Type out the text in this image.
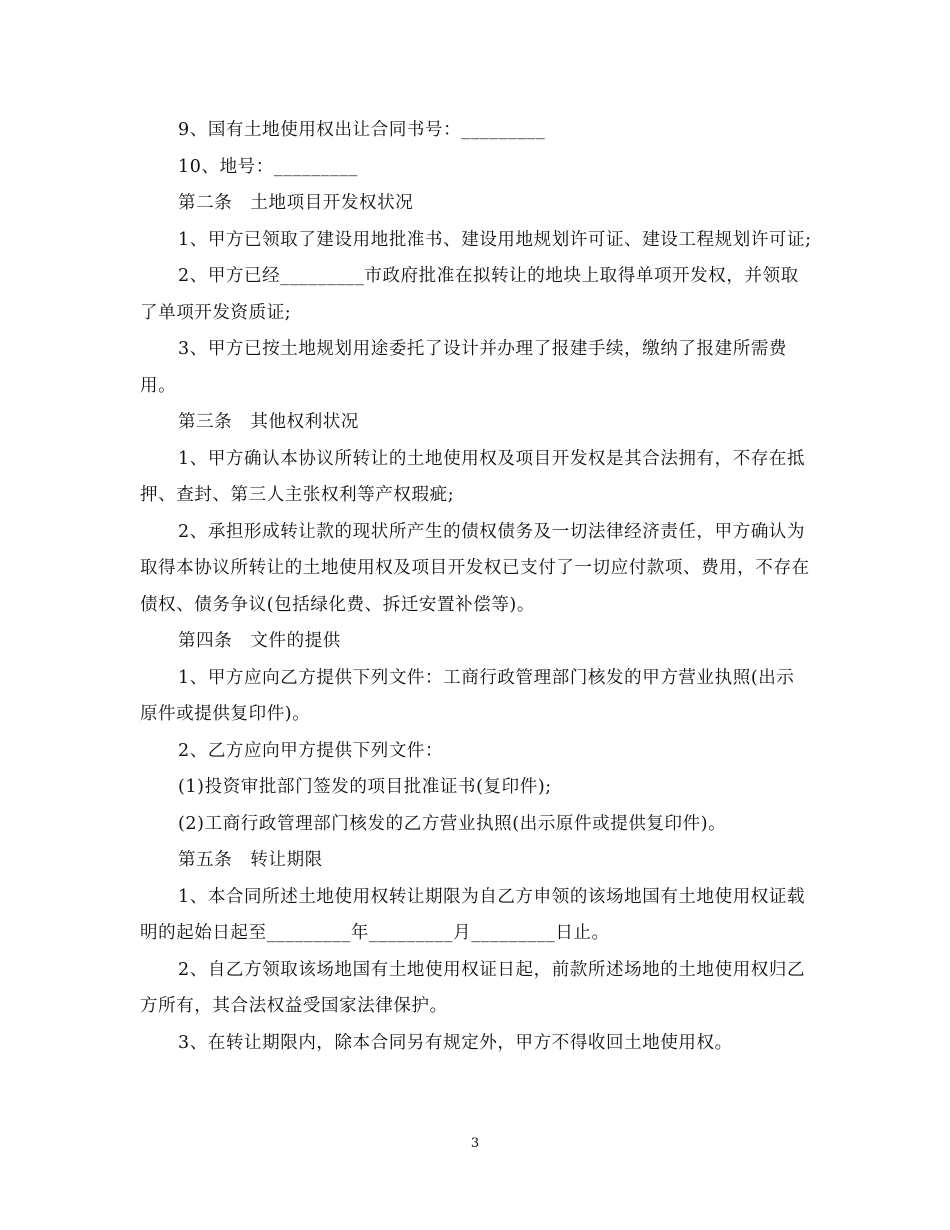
9、国有土地使用权出让合同书号：_________

10、地号：_________

第二条　土地项目开发权状况

1、甲方已领取了建设用地批准书、建设用地规划许可证、建设工程规划许可证;

2、甲方已经_________市政府批准在拟转让的地块上取得单项开发权，并领取了单项开发资质证;

3、甲方已按土地规划用途委托了设计并办理了报建手续，缴纳了报建所需费用。

第三条　其他权利状况

1、甲方确认本协议所转让的土地使用权及项目开发权是其合法拥有，不存在抵押、查封、第三人主张权利等产权瑕疵;

2、承担形成转让款的现状所产生的债权债务及一切法律经济责任，甲方确认为取得本协议所转让的土地使用权及项目开发权已支付了一切应付款项、费用，不存在债权、债务争议(包括绿化费、拆迁安置补偿等)。

第四条　文件的提供

1、甲方应向乙方提供下列文件：工商行政管理部门核发的甲方营业执照(出示原件或提供复印件)。

2、乙方应向甲方提供下列文件：

(1)投资审批部门签发的项目批准证书(复印件);

(2)工商行政管理部门核发的乙方营业执照(出示原件或提供复印件)。

第五条　转让期限

1、本合同所述土地使用权转让期限为自乙方申领的该场地国有土地使用权证载明的起始日起至_________年_________月_________日止。

2、自乙方领取该场地国有土地使用权证日起，前款所述场地的土地使用权归乙方所有，其合法权益受国家法律保护。

3、在转让期限内，除本合同另有规定外，甲方不得收回土地使用权。

3
